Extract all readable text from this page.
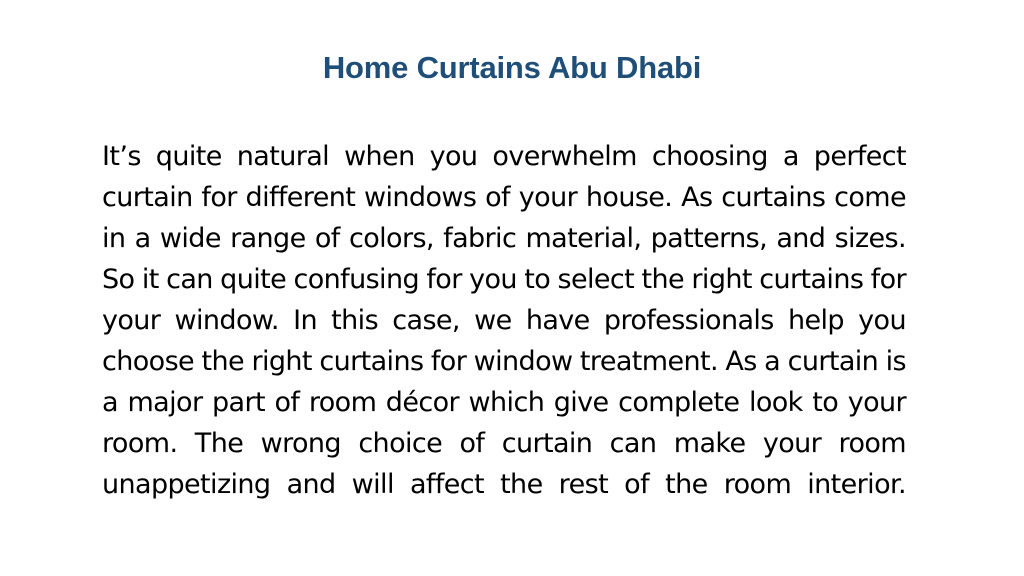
Home Curtains Abu Dhabi

It’s quite natural when you overwhelm choosing a perfect curtain for different windows of your house. As curtains come in a wide range of colors, fabric material, patterns, and sizes. So it can quite confusing for you to select the right curtains for your window. In this case, we have professionals help you choose the right curtains for window treatment. As a curtain is a major part of room décor which give complete look to your room. The wrong choice of curtain can make your room unappetizing and will affect the rest of the room interior.
